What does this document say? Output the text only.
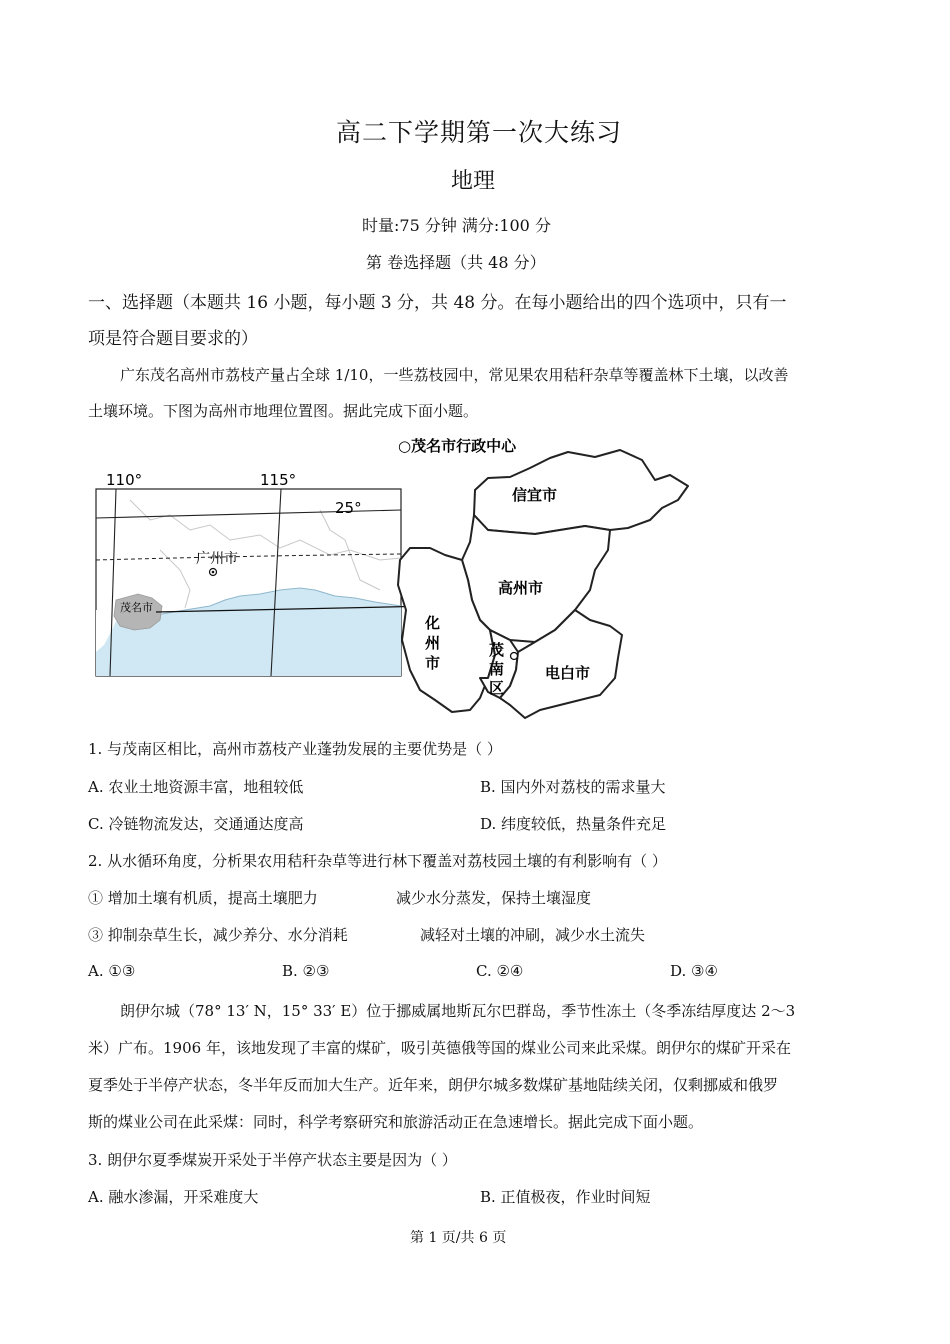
高二下学期第一次大练习
地理
时量:75 分钟 满分:100 分
第 卷选择题（共 48 分）
一、选择题（本题共 16 小题，每小题 3 分，共 48 分。在每小题给出的四个选项中，只有一
项是符合题目要求的）
广东茂名高州市荔枝产量占全球 1/10，一些荔枝园中，常见果农用秸秆杂草等覆盖林下土壤，以改善
土壤环境。下图为高州市地理位置图。据此完成下面小题。
110°	115°
25°
广州市
茂名市
○茂名市行政中心
信宜市
高州市
化
州
市
茂
南
区
电白市
1. 与茂南区相比，高州市荔枝产业蓬勃发展的主要优势是（ ）
A. 农业土地资源丰富，地租较低	B. 国内外对荔枝的需求量大
C. 冷链物流发达，交通通达度高	D. 纬度较低，热量条件充足
2. 从水循环角度，分析果农用秸秆杂草等进行林下覆盖对荔枝园土壤的有利影响有（ ）
① 增加土壤有机质，提高土壤肥力	减少水分蒸发，保持土壤湿度
③ 抑制杂草生长，减少养分、水分消耗	减轻对土壤的冲刷，减少水土流失
A. ①③	B. ②③	C. ②④	D. ③④
朗伊尔城（78° 13′ N，15° 33′ E）位于挪威属地斯瓦尔巴群岛，季节性冻土（冬季冻结厚度达 2～3
米）广布。1906 年，该地发现了丰富的煤矿，吸引英德俄等国的煤业公司来此采煤。朗伊尔的煤矿开采在
夏季处于半停产状态，冬半年反而加大生产。近年来，朗伊尔城多数煤矿基地陆续关闭，仅剩挪威和俄罗
斯的煤业公司在此采煤：同时，科学考察研究和旅游活动正在急速增长。据此完成下面小题。
3. 朗伊尔夏季煤炭开采处于半停产状态主要是因为（ ）
A. 融水渗漏，开采难度大	B. 正值极夜，作业时间短
第 1 页/共 6 页
